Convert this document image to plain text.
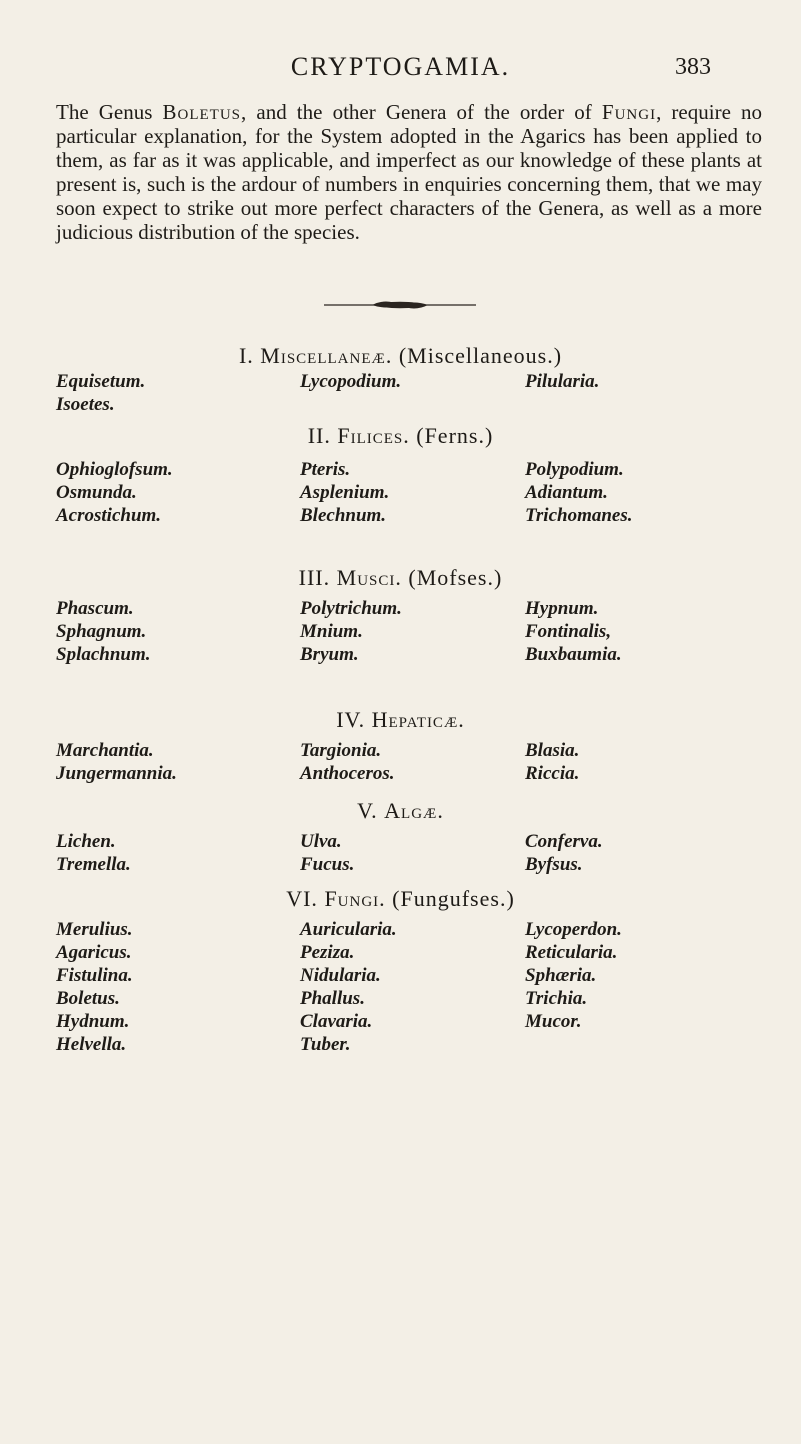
CRYPTOGAMIA.	383

The Genus Boletus, and the other Genera of the order of Fungi, require no particular explanation, for the System adopted in the Agarics has been applied to them, as far as it was applicable, and imperfect as our knowledge of these plants at present is, such is the ardour of numbers in enquiries concerning them, that we may soon expect to strike out more perfect characters of the Genera, as well as a more judicious distribution of the species.

I. Miscellaneæ. (Miscellaneous.)
Equisetum.	Lycopodium.	Pilularia.
Isoetes.
II. Filices. (Ferns.)
Ophioglofsum.	Pteris.	Polypodium.
Osmunda.	Asplenium.	Adiantum.
Acrostichum.	Blechnum.	Trichomanes.
III. Musci. (Mofses.)
Phascum.	Polytrichum.	Hypnum.
Sphagnum.	Mnium.	Fontinalis,
Splachnum.	Bryum.	Buxbaumia.
IV. Hepaticæ.
Marchantia.	Targionia.	Blasia.
Jungermannia.	Anthoceros.	Riccia.
V. Algæ.
Lichen.	Ulva.	Conferva.
Tremella.	Fucus.	Byfsus.
VI. Fungi. (Fungufses.)
Merulius.	Auricularia.	Lycoperdon.
Agaricus.	Peziza.	Reticularia.
Fistulina.	Nidularia.	Sphæria.
Boletus.	Phallus.	Trichia.
Hydnum.	Clavaria.	Mucor.
Helvella.	Tuber.
